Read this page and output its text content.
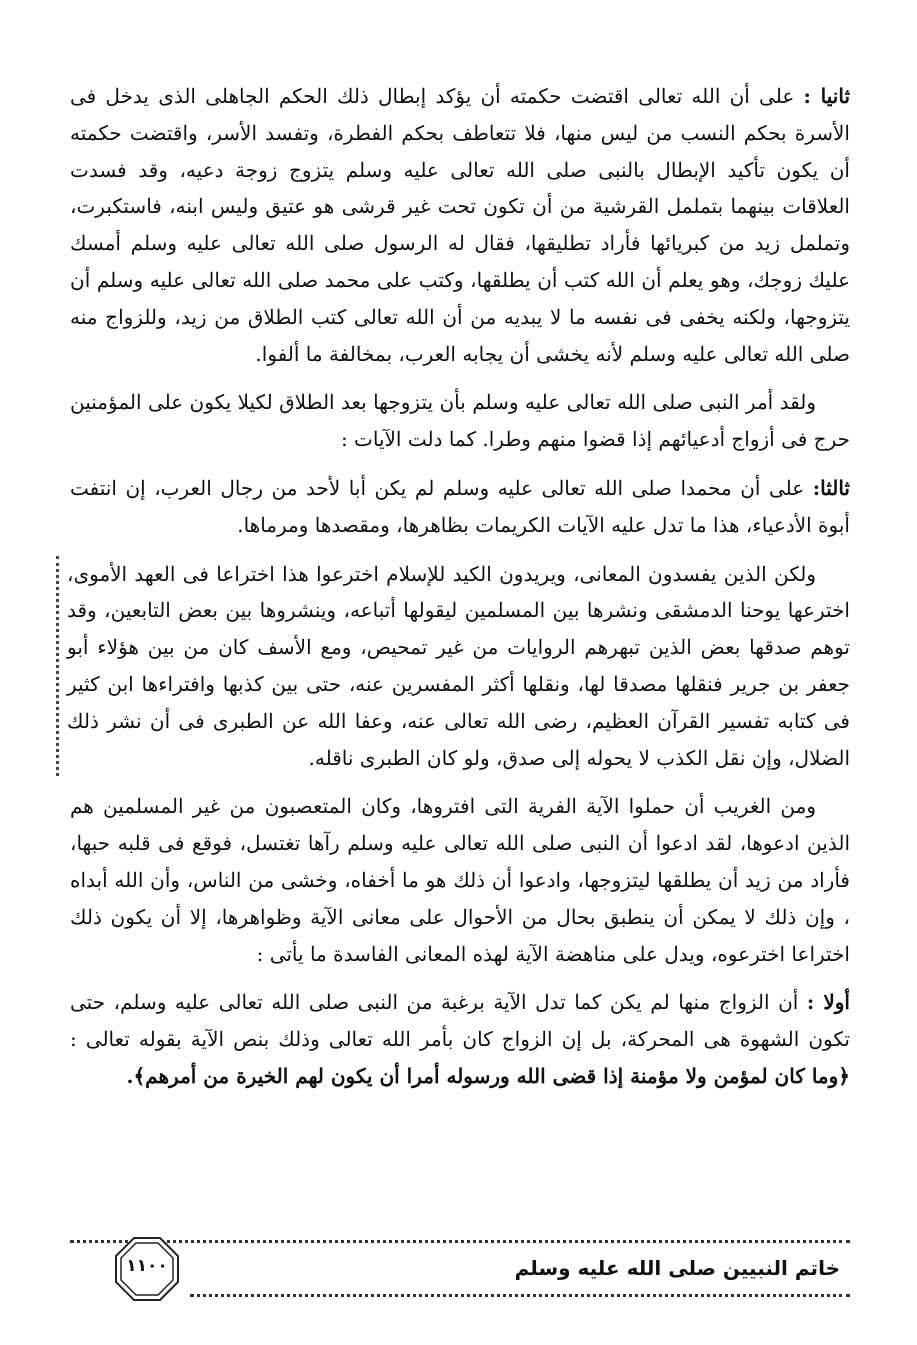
ثانيا : على أن الله تعالى اقتضت حكمته أن يؤكد إبطال ذلك الحكم الجاهلى الذى يدخل فى الأسرة بحكم النسب من ليس منها، فلا تتعاطف بحكم الفطرة، وتفسد الأسر، واقتضت حكمته أن يكون تأكيد الإبطال بالنبى صلى الله تعالى عليه وسلم يتزوج زوجة دعيه، وقد فسدت العلاقات بينهما بتململ القرشية من أن تكون تحت غير قرشى هو عتيق وليس ابنه، فاستكبرت، وتململ زيد من كبريائها فأراد تطليقها، فقال له الرسول صلى الله تعالى عليه وسلم أمسك عليك زوجك، وهو يعلم أن الله كتب أن يطلقها، وكتب على محمد صلى الله تعالى عليه وسلم أن يتزوجها، ولكنه يخفى فى نفسه ما لا يبديه من أن الله تعالى كتب الطلاق من زيد، وللزواج منه صلى الله تعالى عليه وسلم لأنه يخشى أن يجابه العرب، بمخالفة ما ألفوا.

ولقد أمر النبى صلى الله تعالى عليه وسلم بأن يتزوجها بعد الطلاق لكيلا يكون على المؤمنين حرج فى أزواج أدعيائهم إذا قضوا منهم وطرا. كما دلت الآيات :

ثالثا: على أن محمدا صلى الله تعالى عليه وسلم لم يكن أبا لأحد من رجال العرب، إن انتفت أبوة الأدعياء، هذا ما تدل عليه الآيات الكريمات بظاهرها، ومقصدها ومرماها.

ولكن الذين يفسدون المعانى، ويريدون الكيد للإسلام اخترعوا هذا اختراعا فى العهد الأموى، اخترعها يوحنا الدمشقى ونشرها بين المسلمين ليقولها أتباعه، وينشروها بين بعض التابعين، وقد توهم صدقها بعض الذين تبهرهم الروايات من غير تمحيص، ومع الأسف كان من بين هؤلاء أبو جعفر بن جرير فنقلها مصدقا لها، ونقلها أكثر المفسرين عنه، حتى بين كذبها وافتراءها ابن كثير فى كتابه تفسير القرآن العظيم، رضى الله تعالى عنه، وعفا الله عن الطبرى فى أن نشر ذلك الضلال، وإن نقل الكذب لا يحوله إلى صدق، ولو كان الطبرى ناقله.

ومن الغريب أن حملوا الآية الفرية التى افتروها، وكان المتعصبون من غير المسلمين هم الذين ادعوها، لقد ادعوا أن النبى صلى الله تعالى عليه وسلم رآها تغتسل، فوقع فى قلبه حبها، فأراد من زيد أن يطلقها ليتزوجها، وادعوا أن ذلك هو ما أخفاه، وخشى من الناس، وأن الله أبداه ، وإن ذلك لا يمكن أن ينطبق بحال من الأحوال على معانى الآية وظواهرها، إلا أن يكون ذلك اختراعا اخترعوه، ويدل على مناهضة الآية لهذه المعانى الفاسدة ما يأتى :

أولا : أن الزواج منها لم يكن كما تدل الآية برغبة من النبى صلى الله تعالى عليه وسلم، حتى تكون الشهوة هى المحركة، بل إن الزواج كان بأمر الله تعالى وذلك بنص الآية بقوله تعالى : ﴿وما كان لمؤمن ولا مؤمنة إذا قضى الله ورسوله أمرا أن يكون لهم الخيرة من أمرهم﴾.

خاتم النبيين صلى الله عليه وسلم
١١٠٠
